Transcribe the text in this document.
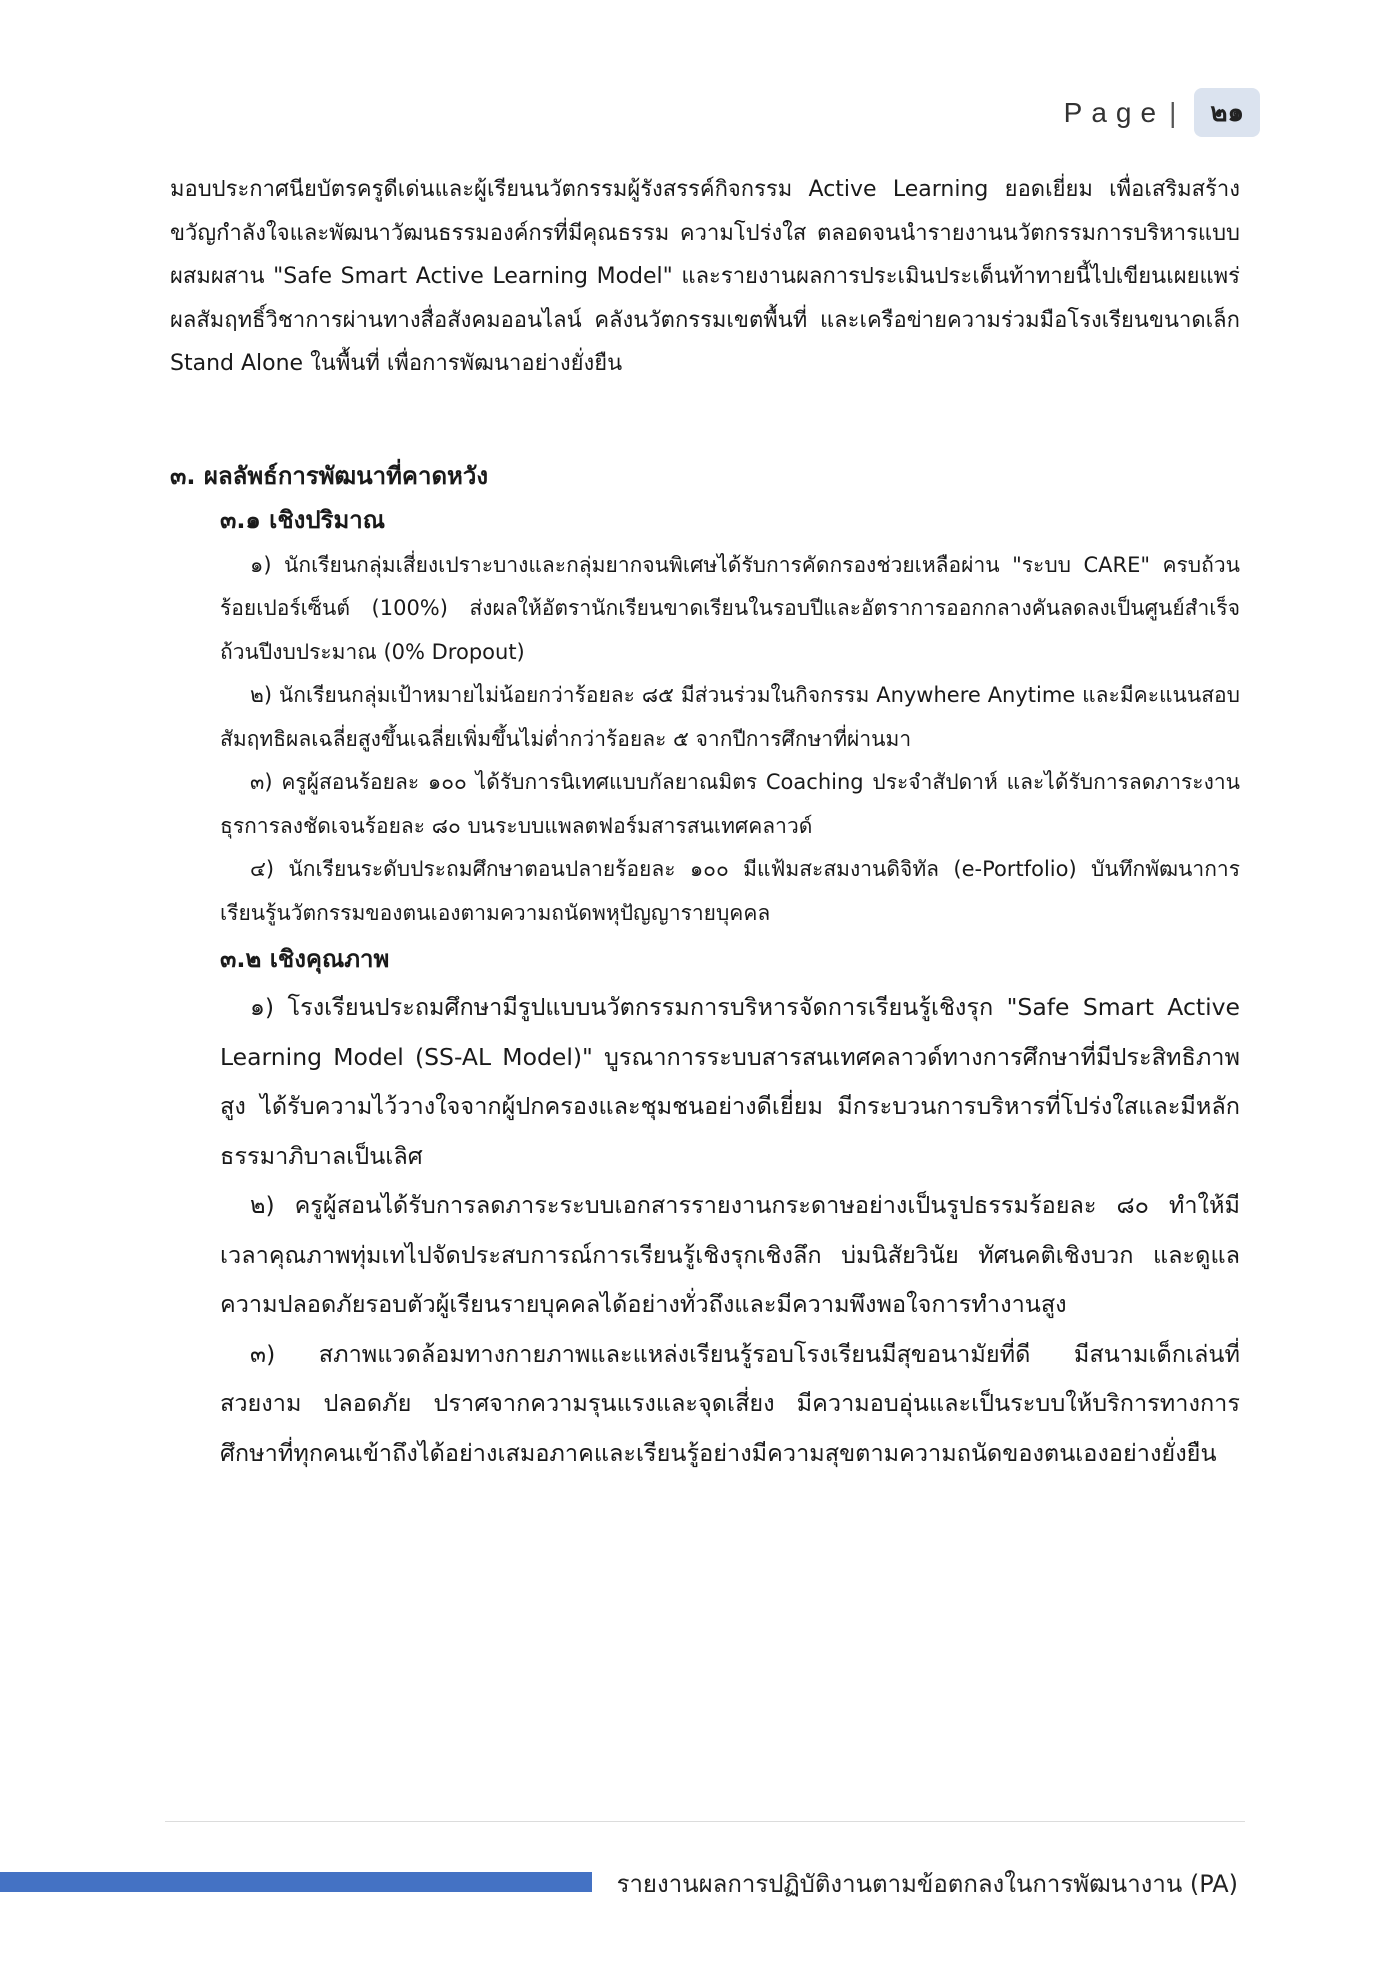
Page |	๒๑

มอบประกาศนียบัตรครูดีเด่นและผู้เรียนนวัตกรรมผู้รังสรรค์กิจกรรม Active Learning ยอดเยี่ยม เพื่อเสริมสร้างขวัญกำลังใจและพัฒนาวัฒนธรรมองค์กรที่มีคุณธรรม ความโปร่งใส ตลอดจนนำรายงานนวัตกรรมการบริหารแบบผสมผสาน "Safe Smart Active Learning Model" และรายงานผลการประเมินประเด็นท้าทายนี้ไปเขียนเผยแพร่ผลสัมฤทธิ์วิชาการผ่านทางสื่อสังคมออนไลน์ คลังนวัตกรรมเขตพื้นที่ และเครือข่ายความร่วมมือโรงเรียนขนาดเล็ก Stand Alone ในพื้นที่ เพื่อการพัฒนาอย่างยั่งยืน

๓. ผลลัพธ์การพัฒนาที่คาดหวัง
๓.๑ เชิงปริมาณ

๑) นักเรียนกลุ่มเสี่ยงเปราะบางและกลุ่มยากจนพิเศษได้รับการคัดกรองช่วยเหลือผ่าน "ระบบ CARE" ครบถ้วนร้อยเปอร์เซ็นต์ (100%) ส่งผลให้อัตรานักเรียนขาดเรียนในรอบปีและอัตราการออกกลางคันลดลงเป็นศูนย์สำเร็จถ้วนปีงบประมาณ (0% Dropout)

๒) นักเรียนกลุ่มเป้าหมายไม่น้อยกว่าร้อยละ ๘๕ มีส่วนร่วมในกิจกรรม Anywhere Anytime และมีคะแนนสอบสัมฤทธิผลเฉลี่ยสูงขึ้นเฉลี่ยเพิ่มขึ้นไม่ต่ำกว่าร้อยละ ๕ จากปีการศึกษาที่ผ่านมา

๓) ครูผู้สอนร้อยละ ๑๐๐ ได้รับการนิเทศแบบกัลยาณมิตร Coaching ประจำสัปดาห์ และได้รับการลดภาระงานธุรการลงชัดเจนร้อยละ ๘๐ บนระบบแพลตฟอร์มสารสนเทศคลาวด์

๔) นักเรียนระดับประถมศึกษาตอนปลายร้อยละ ๑๐๐ มีแฟ้มสะสมงานดิจิทัล (e-Portfolio) บันทึกพัฒนาการเรียนรู้นวัตกรรมของตนเองตามความถนัดพหุปัญญารายบุคคล

๓.๒ เชิงคุณภาพ

๑) โรงเรียนประถมศึกษามีรูปแบบนวัตกรรมการบริหารจัดการเรียนรู้เชิงรุก "Safe Smart Active Learning Model (SS-AL Model)" บูรณาการระบบสารสนเทศคลาวด์ทางการศึกษาที่มีประสิทธิภาพสูง ได้รับความไว้วางใจจากผู้ปกครองและชุมชนอย่างดีเยี่ยม มีกระบวนการบริหารที่โปร่งใสและมีหลักธรรมาภิบาลเป็นเลิศ

๒) ครูผู้สอนได้รับการลดภาระระบบเอกสารรายงานกระดาษอย่างเป็นรูปธรรมร้อยละ ๘๐ ทำให้มีเวลาคุณภาพทุ่มเทไปจัดประสบการณ์การเรียนรู้เชิงรุกเชิงลึก บ่มนิสัยวินัย ทัศนคติเชิงบวก และดูแลความปลอดภัยรอบตัวผู้เรียนรายบุคคลได้อย่างทั่วถึงและมีความพึงพอใจการทำงานสูง

๓) สภาพแวดล้อมทางกายภาพและแหล่งเรียนรู้รอบโรงเรียนมีสุขอนามัยที่ดี มีสนามเด็กเล่นที่สวยงาม ปลอดภัย ปราศจากความรุนแรงและจุดเสี่ยง มีความอบอุ่นและเป็นระบบให้บริการทางการศึกษาที่ทุกคนเข้าถึงได้อย่างเสมอภาคและเรียนรู้อย่างมีความสุขตามความถนัดของตนเองอย่างยั่งยืน

รายงานผลการปฏิบัติงานตามข้อตกลงในการพัฒนางาน (PA)
